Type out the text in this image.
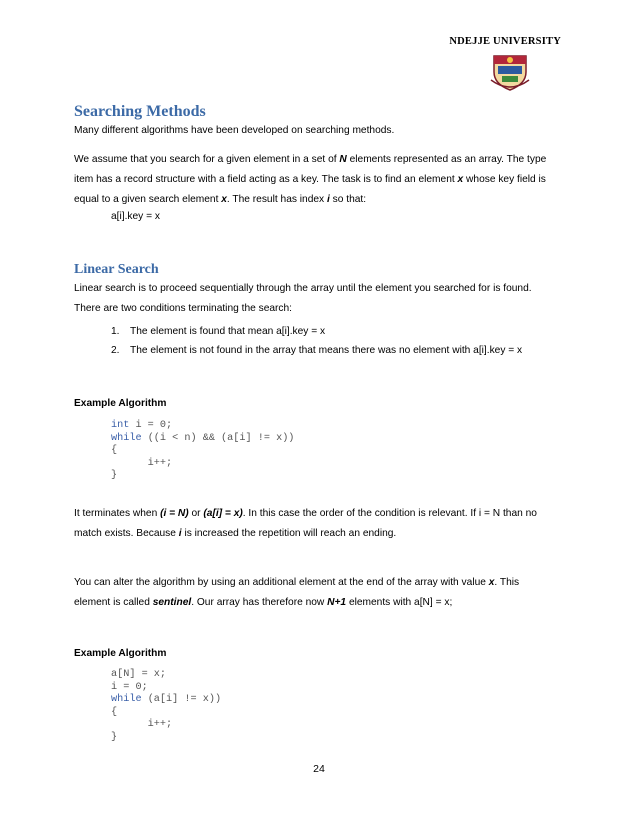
NDEJJE UNIVERSITY
Searching Methods

Many different algorithms have been developed on searching methods.

We assume that you search for a given element in a set of N elements represented as an array. The type
item has a record structure with a field acting as a key. The task is to find an element x whose key field is
equal to a given search element x. The result has index i so that:

a[i].key = x

Linear Search

Linear search is to proceed sequentially through the array until the element you searched for is found.
There are two conditions terminating the search:

1.	The element is found that mean a[i].key = x
2.	The element is not found in the array that means there was no element with a[i].key = x

Example Algorithm

int i = 0;
while ((i < n) && (a[i] != x))
{
i++;
}

It terminates when (i = N) or (a[i] = x). In this case the order of the condition is relevant. If i = N than no
match exists. Because i is increased the repetition will reach an ending.

You can alter the algorithm by using an additional element at the end of the array with value x. This
element is called sentinel. Our array has therefore now N+1 elements with a[N] = x;

Example Algorithm

a[N] = x;
i = 0;
while (a[i] != x))
{
i++;
}
24
